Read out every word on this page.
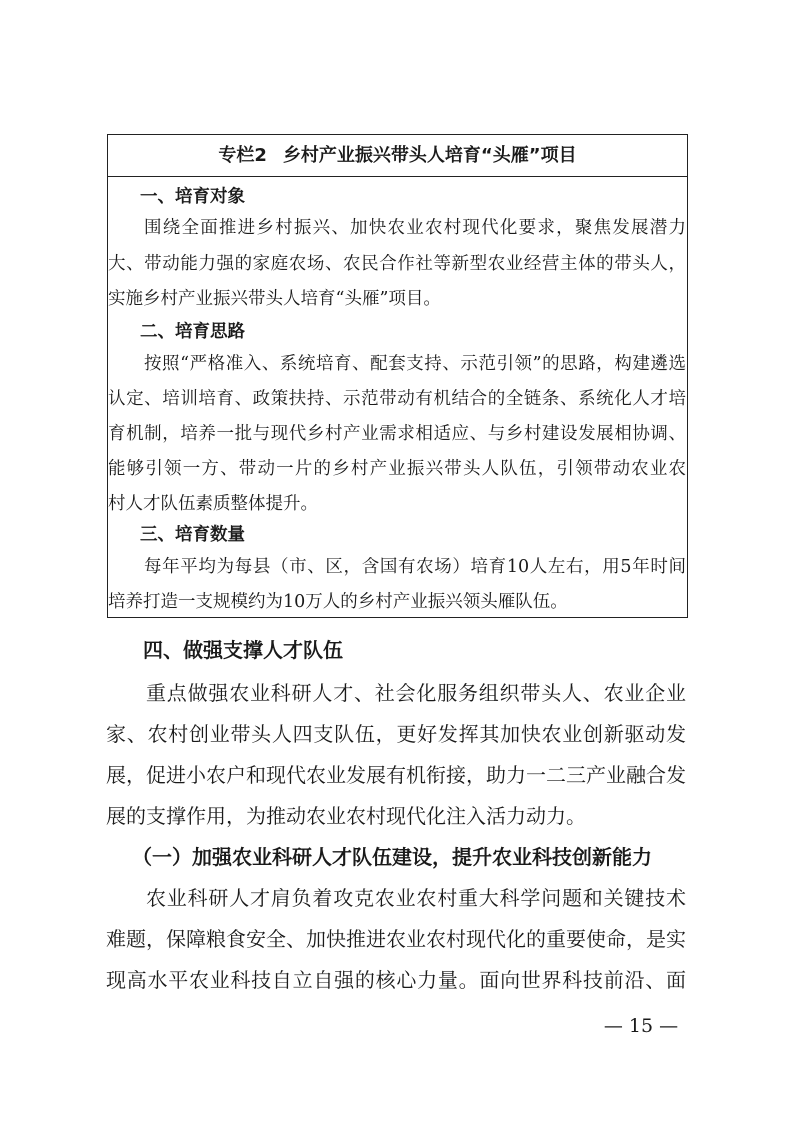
专栏2 乡村产业振兴带头人培育“头雁”项目
一、培育对象
围绕全面推进乡村振兴、加快农业农村现代化要求，聚焦发展潜力
大、带动能力强的家庭农场、农民合作社等新型农业经营主体的带头人，
实施乡村产业振兴带头人培育“头雁”项目。
二、培育思路
按照“严格准入、系统培育、配套支持、示范引领”的思路，构建遴选
认定、培训培育、政策扶持、示范带动有机结合的全链条、系统化人才培
育机制，培养一批与现代乡村产业需求相适应、与乡村建设发展相协调、
能够引领一方、带动一片的乡村产业振兴带头人队伍，引领带动农业农
村人才队伍素质整体提升。
三、培育数量
每年平均为每县（市、区，含国有农场）培育10人左右，用5年时间
培养打造一支规模约为10万人的乡村产业振兴领头雁队伍。
四、做强支撑人才队伍
重点做强农业科研人才、社会化服务组织带头人、农业企业
家、农村创业带头人四支队伍，更好发挥其加快农业创新驱动发
展，促进小农户和现代农业发展有机衔接，助力一二三产业融合发
展的支撑作用，为推动农业农村现代化注入活力动力。
（一）加强农业科研人才队伍建设，提升农业科技创新能力
农业科研人才肩负着攻克农业农村重大科学问题和关键技术
难题，保障粮食安全、加快推进农业农村现代化的重要使命，是实
现高水平农业科技自立自强的核心力量。面向世界科技前沿、面
— 15 —
